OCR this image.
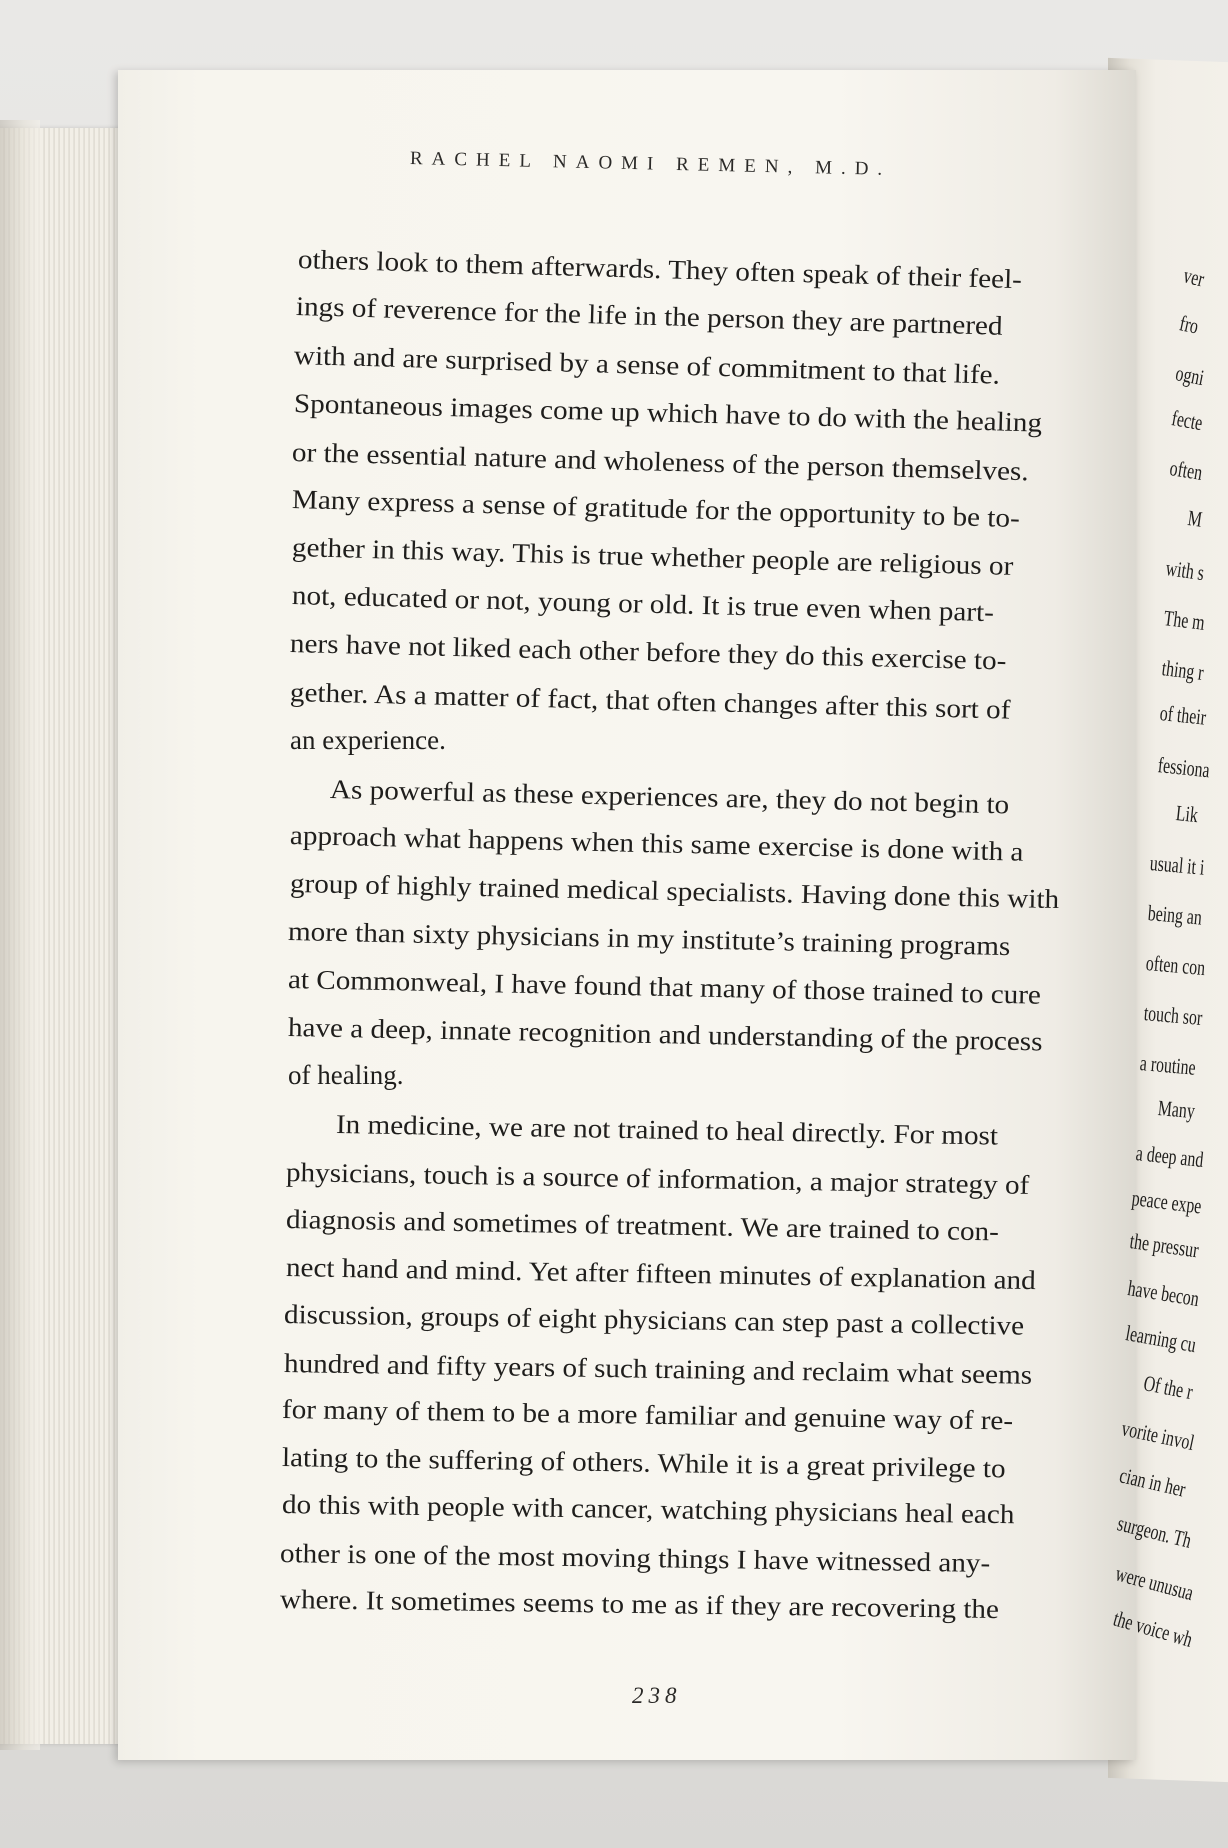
RACHEL NAOMI REMEN, M.D.
others look to them afterwards. They often speak of their feel-
ings of reverence for the life in the person they are partnered
with and are surprised by a sense of commitment to that life.
Spontaneous images come up which have to do with the healing
or the essential nature and wholeness of the person themselves.
Many express a sense of gratitude for the opportunity to be to-
gether in this way. This is true whether people are religious or
not, educated or not, young or old. It is true even when part-
ners have not liked each other before they do this exercise to-
gether. As a matter of fact, that often changes after this sort of
an experience.
As powerful as these experiences are, they do not begin to
approach what happens when this same exercise is done with a
group of highly trained medical specialists. Having done this with
more than sixty physicians in my institute’s training programs
at Commonweal, I have found that many of those trained to cure
have a deep, innate recognition and understanding of the process
of healing.
In medicine, we are not trained to heal directly. For most
physicians, touch is a source of information, a major strategy of
diagnosis and sometimes of treatment. We are trained to con-
nect hand and mind. Yet after fifteen minutes of explanation and
discussion, groups of eight physicians can step past a collective
hundred and fifty years of such training and reclaim what seems
for many of them to be a more familiar and genuine way of re-
lating to the suffering of others. While it is a great privilege to
do this with people with cancer, watching physicians heal each
other is one of the most moving things I have witnessed any-
where. It sometimes seems to me as if they are recovering the
ver
fro
ogni
fecte
often
M
with s
The m
thing r
of their
fessiona
Lik
usual it i
being an
often con
touch sor
a routine
Many
a deep and
peace expe
the pressur
have becon
learning cu
Of the r
vorite invol
cian in her
surgeon. Th
were unusua
the voice wh
238
